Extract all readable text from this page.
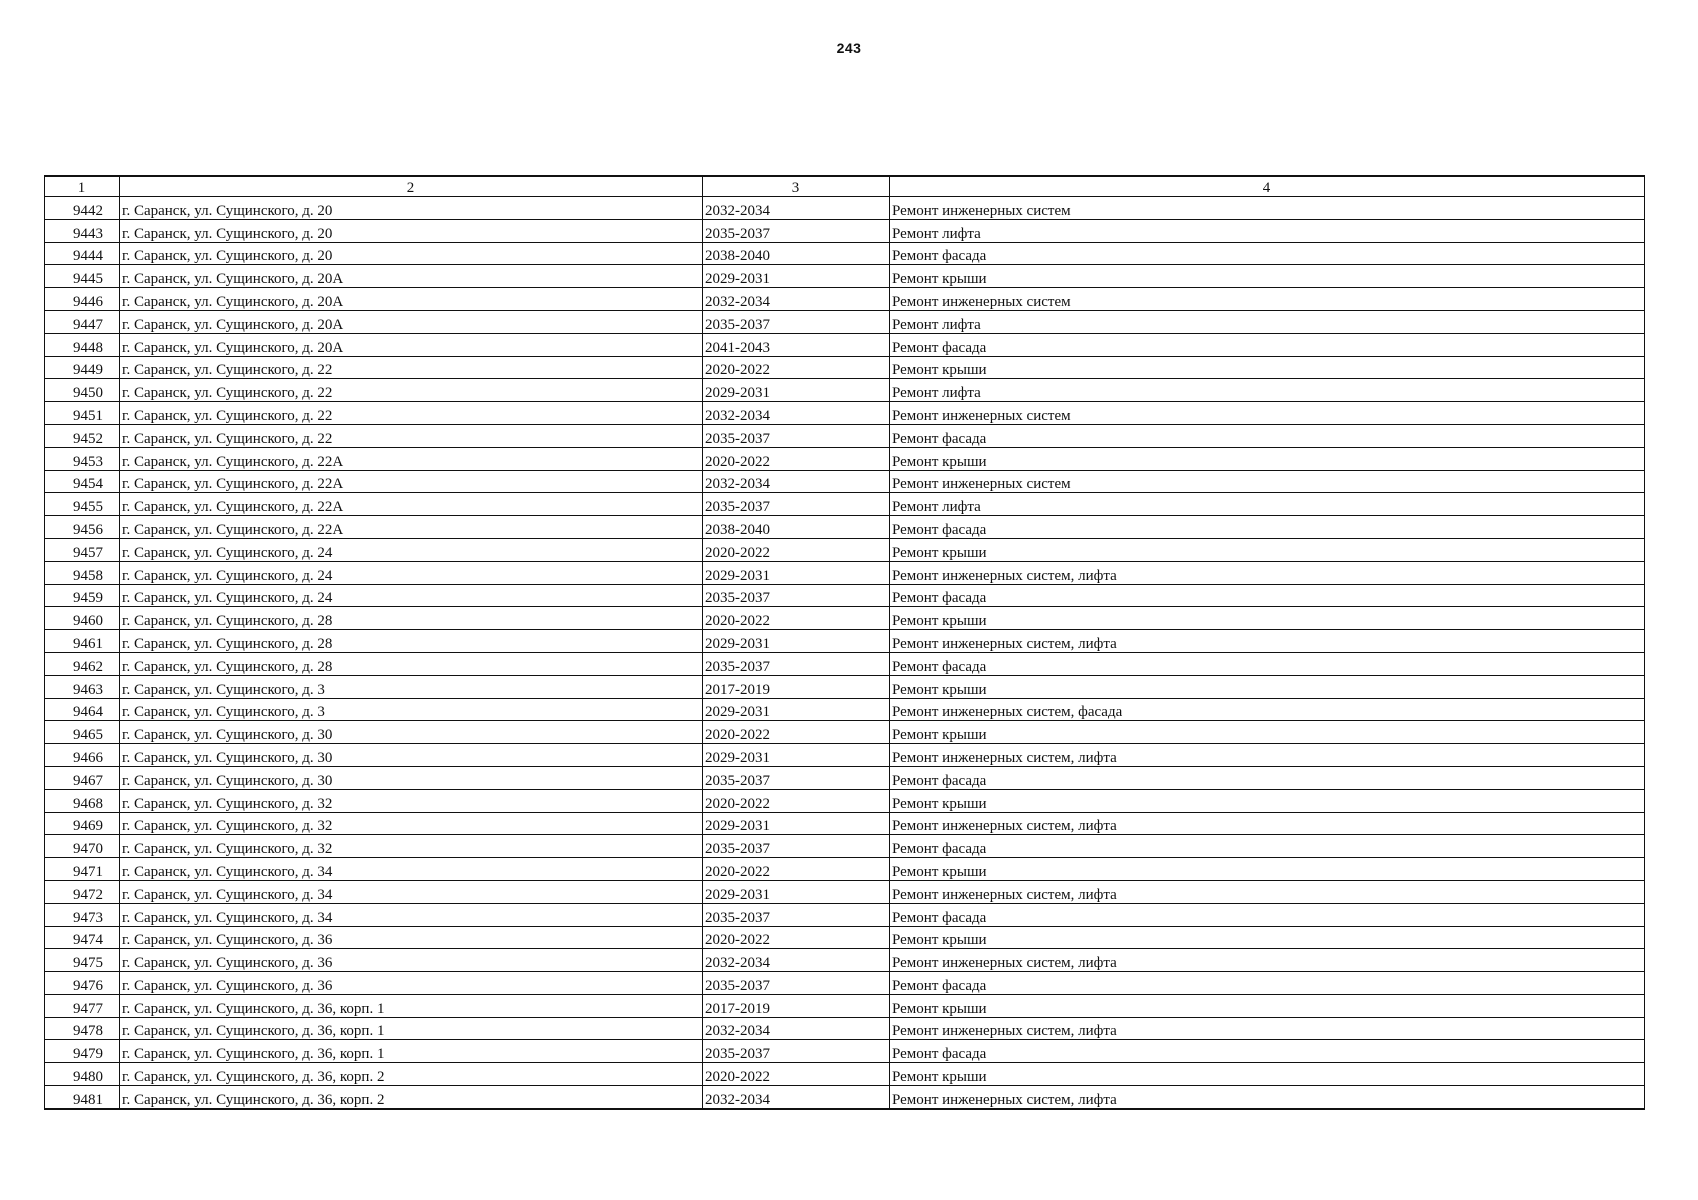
243
1	2	3	4
9442	г. Саранск, ул. Сущинского, д. 20	2032-2034	Ремонт инженерных систем
9443	г. Саранск, ул. Сущинского, д. 20	2035-2037	Ремонт лифта
9444	г. Саранск, ул. Сущинского, д. 20	2038-2040	Ремонт фасада
9445	г. Саранск, ул. Сущинского, д. 20А	2029-2031	Ремонт крыши
9446	г. Саранск, ул. Сущинского, д. 20А	2032-2034	Ремонт инженерных систем
9447	г. Саранск, ул. Сущинского, д. 20А	2035-2037	Ремонт лифта
9448	г. Саранск, ул. Сущинского, д. 20А	2041-2043	Ремонт фасада
9449	г. Саранск, ул. Сущинского, д. 22	2020-2022	Ремонт крыши
9450	г. Саранск, ул. Сущинского, д. 22	2029-2031	Ремонт лифта
9451	г. Саранск, ул. Сущинского, д. 22	2032-2034	Ремонт инженерных систем
9452	г. Саранск, ул. Сущинского, д. 22	2035-2037	Ремонт фасада
9453	г. Саранск, ул. Сущинского, д. 22А	2020-2022	Ремонт крыши
9454	г. Саранск, ул. Сущинского, д. 22А	2032-2034	Ремонт инженерных систем
9455	г. Саранск, ул. Сущинского, д. 22А	2035-2037	Ремонт лифта
9456	г. Саранск, ул. Сущинского, д. 22А	2038-2040	Ремонт фасада
9457	г. Саранск, ул. Сущинского, д. 24	2020-2022	Ремонт крыши
9458	г. Саранск, ул. Сущинского, д. 24	2029-2031	Ремонт инженерных систем, лифта
9459	г. Саранск, ул. Сущинского, д. 24	2035-2037	Ремонт фасада
9460	г. Саранск, ул. Сущинского, д. 28	2020-2022	Ремонт крыши
9461	г. Саранск, ул. Сущинского, д. 28	2029-2031	Ремонт инженерных систем, лифта
9462	г. Саранск, ул. Сущинского, д. 28	2035-2037	Ремонт фасада
9463	г. Саранск, ул. Сущинского, д. 3	2017-2019	Ремонт крыши
9464	г. Саранск, ул. Сущинского, д. 3	2029-2031	Ремонт инженерных систем, фасада
9465	г. Саранск, ул. Сущинского, д. 30	2020-2022	Ремонт крыши
9466	г. Саранск, ул. Сущинского, д. 30	2029-2031	Ремонт инженерных систем, лифта
9467	г. Саранск, ул. Сущинского, д. 30	2035-2037	Ремонт фасада
9468	г. Саранск, ул. Сущинского, д. 32	2020-2022	Ремонт крыши
9469	г. Саранск, ул. Сущинского, д. 32	2029-2031	Ремонт инженерных систем, лифта
9470	г. Саранск, ул. Сущинского, д. 32	2035-2037	Ремонт фасада
9471	г. Саранск, ул. Сущинского, д. 34	2020-2022	Ремонт крыши
9472	г. Саранск, ул. Сущинского, д. 34	2029-2031	Ремонт инженерных систем, лифта
9473	г. Саранск, ул. Сущинского, д. 34	2035-2037	Ремонт фасада
9474	г. Саранск, ул. Сущинского, д. 36	2020-2022	Ремонт крыши
9475	г. Саранск, ул. Сущинского, д. 36	2032-2034	Ремонт инженерных систем, лифта
9476	г. Саранск, ул. Сущинского, д. 36	2035-2037	Ремонт фасада
9477	г. Саранск, ул. Сущинского, д. 36, корп. 1	2017-2019	Ремонт крыши
9478	г. Саранск, ул. Сущинского, д. 36, корп. 1	2032-2034	Ремонт инженерных систем, лифта
9479	г. Саранск, ул. Сущинского, д. 36, корп. 1	2035-2037	Ремонт фасада
9480	г. Саранск, ул. Сущинского, д. 36, корп. 2	2020-2022	Ремонт крыши
9481	г. Саранск, ул. Сущинского, д. 36, корп. 2	2032-2034	Ремонт инженерных систем, лифта
